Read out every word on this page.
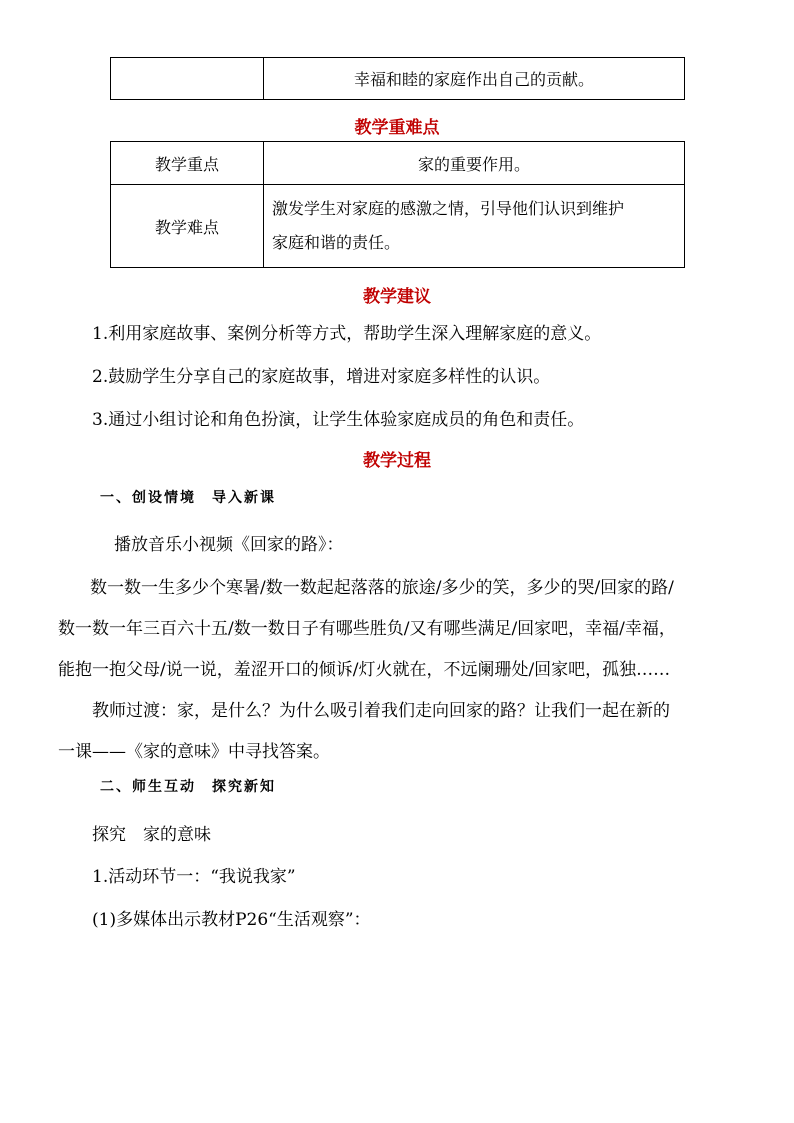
	幸福和睦的家庭作出自己的贡献。
教学重难点
教学重点	家的重要作用。
教学难点	激发学生对家庭的感激之情，引导他们认识到维护
家庭和谐的责任。
教学建议
1.利用家庭故事、案例分析等方式，帮助学生深入理解家庭的意义。
2.鼓励学生分享自己的家庭故事，增进对家庭多样性的认识。
3.通过小组讨论和角色扮演，让学生体验家庭成员的角色和责任。
教学过程
一、创设情境　导入新课
播放音乐小视频《回家的路》：
数一数一生多少个寒暑/数一数起起落落的旅途/多少的笑，多少的哭/回家的路/
数一数一年三百六十五/数一数日子有哪些胜负/又有哪些满足/回家吧，幸福/幸福，
能抱一抱父母/说一说，羞涩开口的倾诉/灯火就在，不远阑珊处/回家吧，孤独……
教师过渡：家，是什么？为什么吸引着我们走向回家的路？让我们一起在新的
一课——《家的意味》中寻找答案。
二、师生互动　探究新知
探究　家的意味
1.活动环节一：“我说我家”
(1)多媒体出示教材P26“生活观察”：
